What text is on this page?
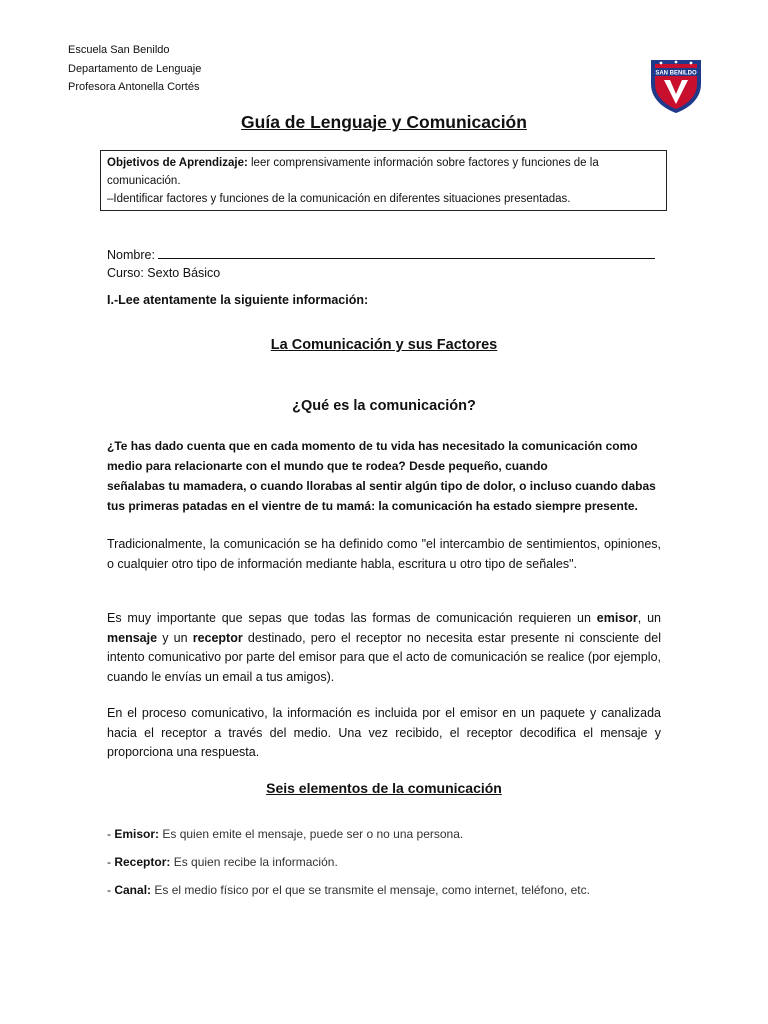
Escuela San Benildo
Departamento de Lenguaje
Profesora Antonella Cortés
SAN BENILDO
Guía de Lenguaje y Comunicación

Objetivos de Aprendizaje: leer comprensivamente información sobre factores y funciones de la comunicación.

–Identificar factores y funciones de la comunicación en diferentes situaciones presentadas.

Nombre:
Curso: Sexto Básico
I.-Lee atentamente la siguiente información:
La Comunicación y sus Factores
¿Qué es la comunicación?
¿Te has dado cuenta que en cada momento de tu vida has necesitado la comunicación como
medio para relacionarte con el mundo que te rodea? Desde pequeño, cuando
señalabas tu mamadera, o cuando llorabas al sentir algún tipo de dolor, o incluso cuando dabas
tus primeras patadas en el vientre de tu mamá: la comunicación ha estado siempre presente.

Tradicionalmente, la comunicación se ha definido como "el intercambio de sentimientos, opiniones, o cualquier otro tipo de información mediante habla, escritura u otro tipo de señales".

Es muy importante que sepas que todas las formas de comunicación requieren un emisor, un mensaje y un receptor destinado, pero el receptor no necesita estar presente ni consciente del intento comunicativo por parte del emisor para que el acto de comunicación se realice (por ejemplo, cuando le envías un email a tus amigos).

En el proceso comunicativo, la información es incluida por el emisor en un paquete y canalizada hacia el receptor a través del medio. Una vez recibido, el receptor decodifica el mensaje y proporciona una respuesta.

Seis elementos de la comunicación
- Emisor: Es quien emite el mensaje, puede ser o no una persona.
- Receptor: Es quien recibe la información.
- Canal: Es el medio físico por el que se transmite el mensaje, como internet, teléfono, etc.
